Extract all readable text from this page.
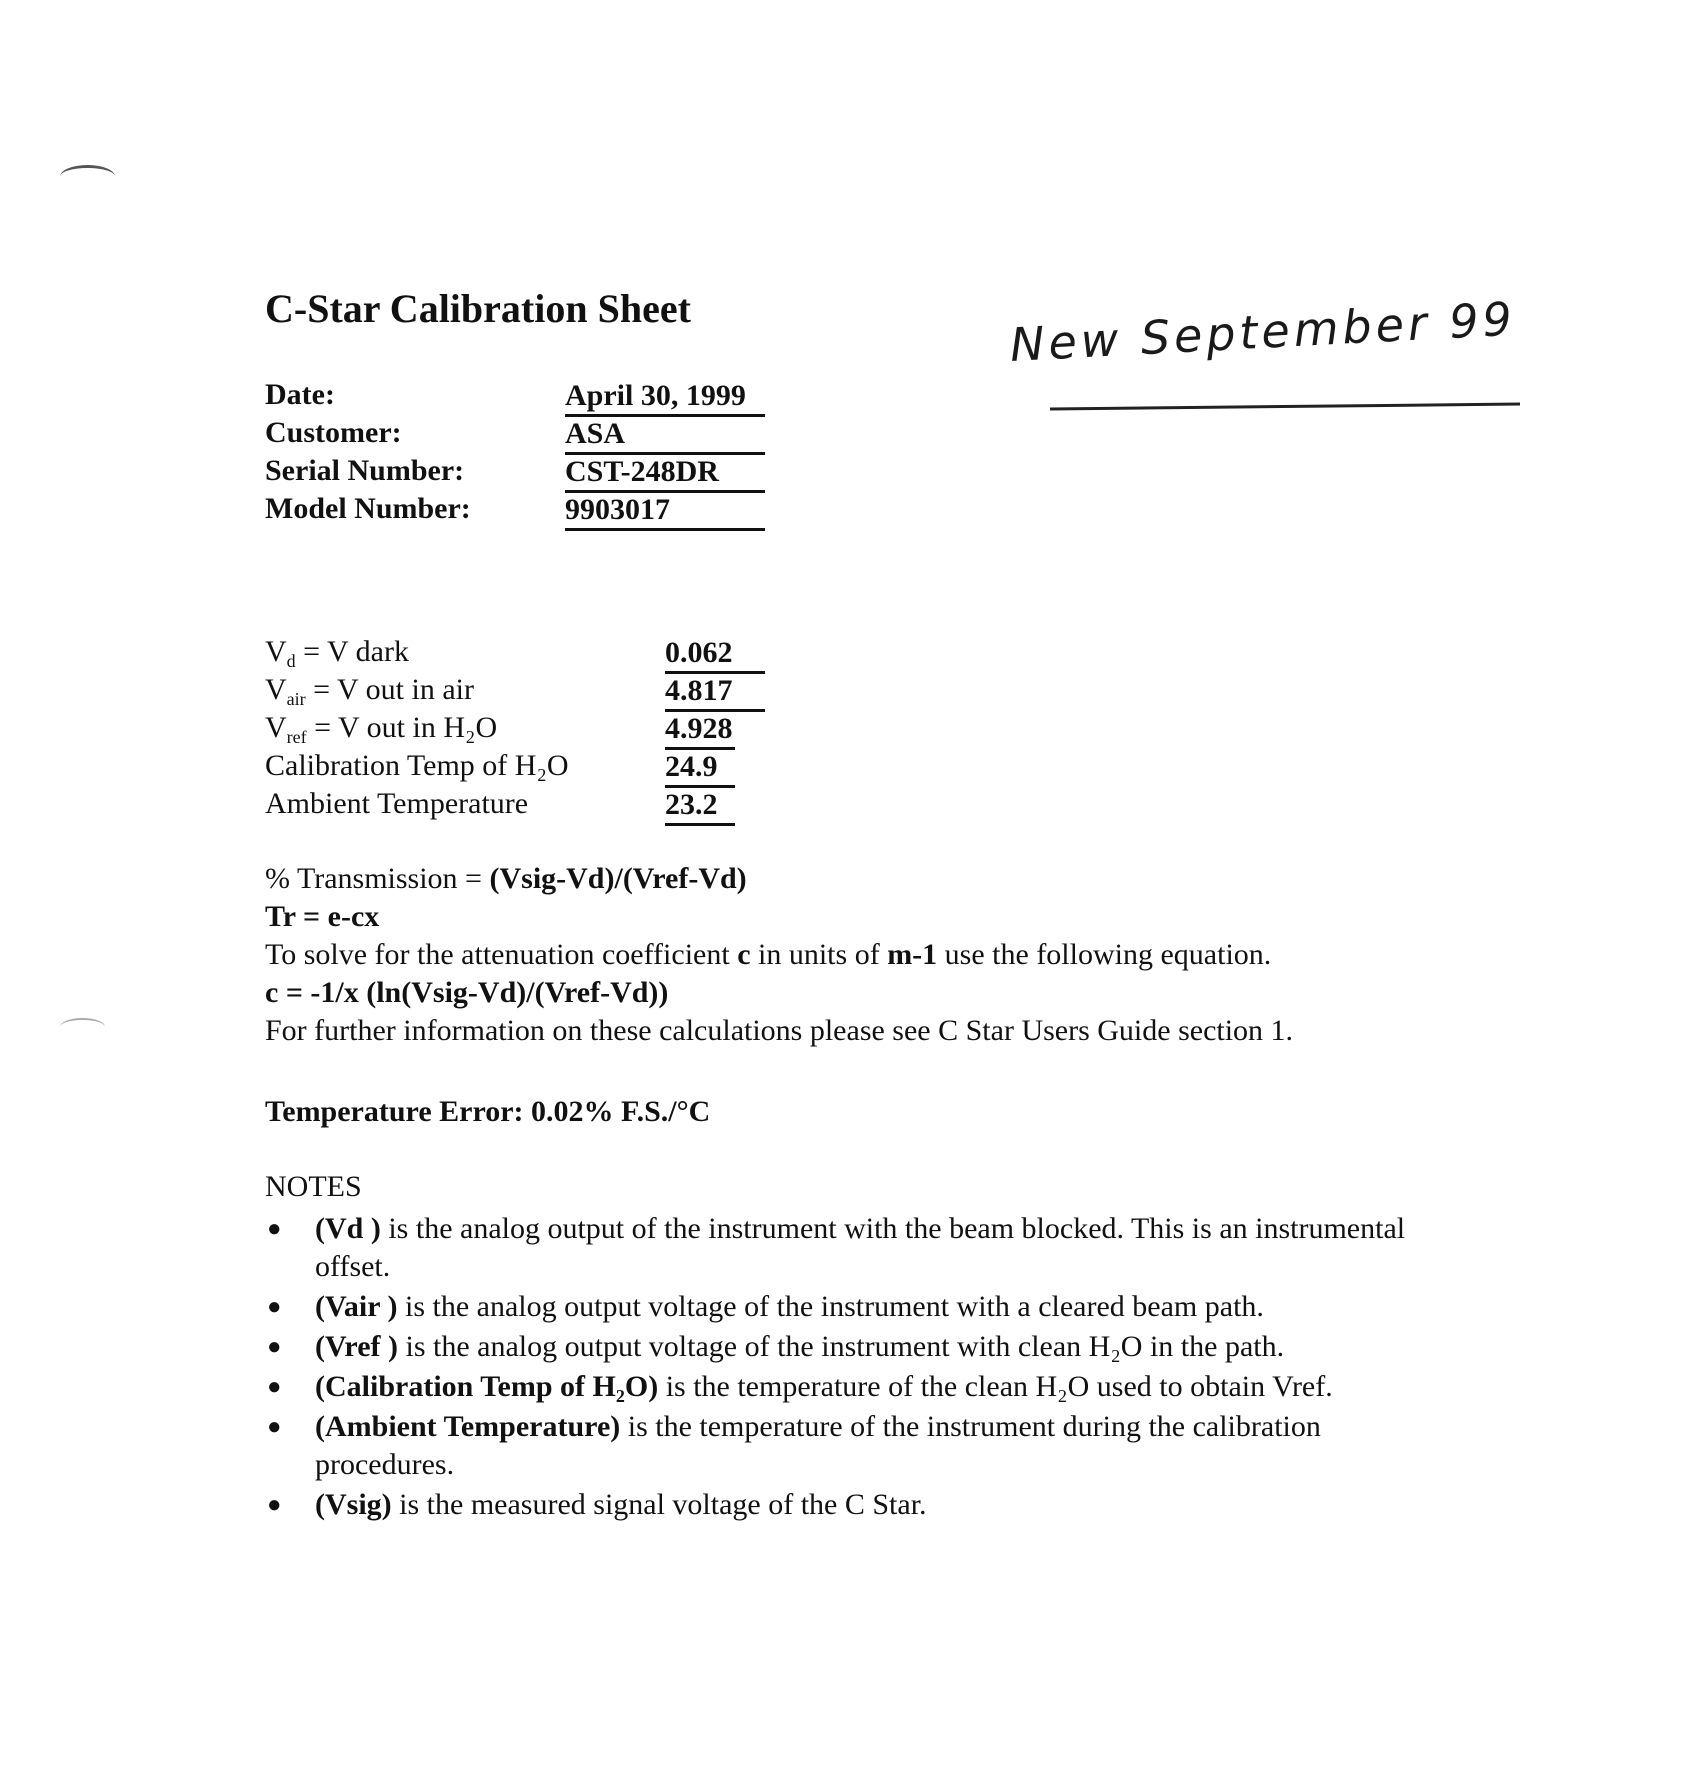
C-Star Calibration Sheet	New September 99
Date:	April 30, 1999
Customer:	ASA
Serial Number:	CST-248DR
Model Number:	9903017
$V_d = V$ dark	0.062
$V_{air} = V$ out in air	4.817
$V_{ref} = V$ out in H₂O	4.928
Calibration Temp of H₂O	24.9
Ambient Temperature	23.2
% Transmission = (Vsig-Vd)/(Vref-Vd)
Tr = e-cx
To solve for the attenuation coefficient c in units of m-1 use the following equation.
c = -1/x (ln(Vsig-Vd)/(Vref-Vd))
For further information on these calculations please see C Star Users Guide section 1.
Temperature Error: 0.02% F.S./°C
NOTES
● (Vd ) is the analog output of the instrument with the beam blocked. This is an instrumental offset.
● (Vair ) is the analog output voltage of the instrument with a cleared beam path.
● (Vref ) is the analog output voltage of the instrument with clean H₂O in the path.
● (Calibration Temp of H₂O) is the temperature of the clean H₂O used to obtain Vref.
● (Ambient Temperature) is the temperature of the instrument during the calibration procedures.
● (Vsig) is the measured signal voltage of the C Star.
